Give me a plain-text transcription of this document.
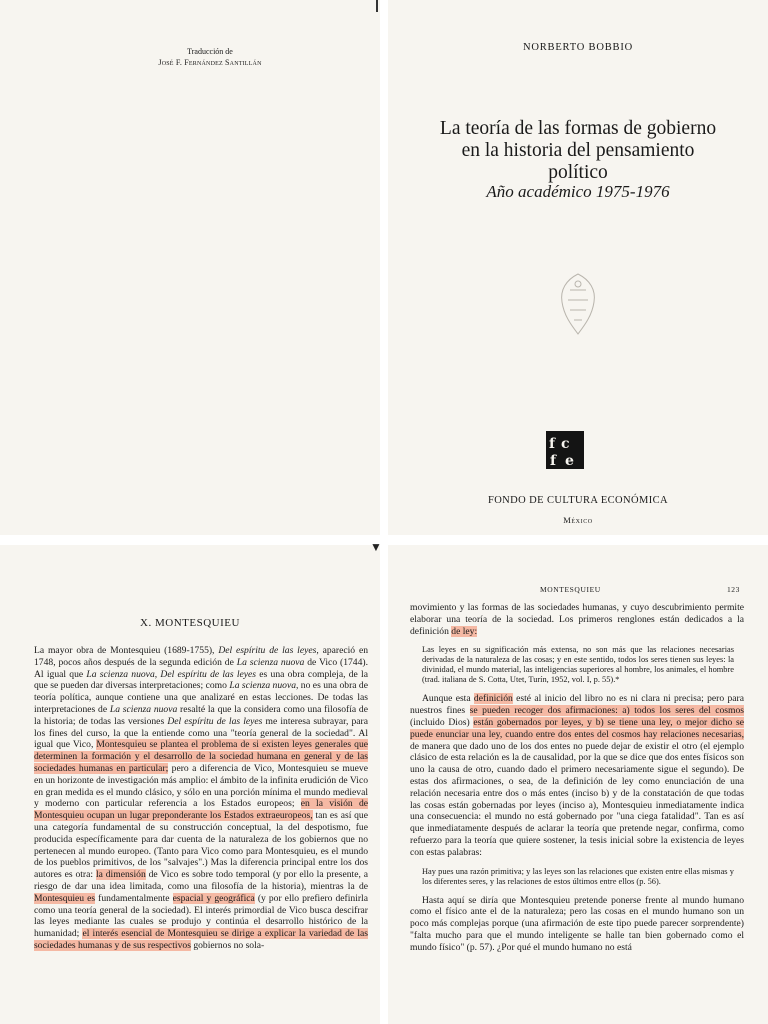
▼
Traducción de
José F. Fernández Santillán
NORBERTO BOBBIO
La teoría de las formas de gobierno
en la historia del pensamiento
político
Año académico 1975-1976
f c
e
f
FONDO DE CULTURA ECONÓMICA
México
X. MONTESQUIEU

La mayor obra de Montesquieu (1689-1755), Del espíritu de las leyes, apareció en 1748, pocos años después de la segunda edición de La scienza nuova de Vico (1744). Al igual que La scienza nuova, Del espíritu de las leyes es una obra compleja, de la que se pueden dar diversas interpretaciones; como La scienza nuova, no es una obra de teoría política, aunque contiene una que analizaré en estas lecciones. De todas las interpretaciones de La scienza nuova resalté la que la considera como una filosofía de la historia; de todas las versiones Del espíritu de las leyes me interesa subrayar, para los fines del curso, la que la entiende como una "teoría general de la sociedad". Al igual que Vico, Montesquieu se plantea el problema de si existen leyes generales que determinen la formación y el desarrollo de la sociedad humana en general y de las sociedades humanas en particular; pero a diferencia de Vico, Montesquieu se mueve en un horizonte de investigación más amplio: el ámbito de la infinita erudición de Vico en gran medida es el mundo clásico, y sólo en una porción mínima el mundo medieval y moderno con particular referencia a los Estados europeos; en la visión de Montesquieu ocupan un lugar preponderante los Estados extraeuropeos, tan es así que una categoría fundamental de su construcción conceptual, la del despotismo, fue producida específicamente para dar cuenta de la naturaleza de los gobiernos que no pertenecen al mundo europeo. (Tanto para Vico como para Montesquieu, es el mundo de los pueblos primitivos, de los "salvajes".) Mas la diferencia principal entre los dos autores es otra: la dimensión de Vico es sobre todo temporal (y por ello la presente, a riesgo de dar una idea limitada, como una filosofía de la historia), mientras la de Montesquieu es fundamentalmente espacial y geográfica (y por ello prefiero definirla como una teoría general de la sociedad). El interés primordial de Vico busca descifrar las leyes mediante las cuales se produjo y continúa el desarrollo histórico de la humanidad; el interés esencial de Montesquieu se dirige a explicar la variedad de las sociedades humanas y de sus respectivos gobiernos no sola-

MONTESQUIEU	123

movimiento y las formas de las sociedades humanas, y cuyo descubrimiento permite elaborar una teoría de la sociedad. Los primeros renglones están dedicados a la definición de ley:

Las leyes en su significación más extensa, no son más que las relaciones necesarias derivadas de la naturaleza de las cosas; y en este sentido, todos los seres tienen sus leyes: la divinidad, el mundo material, las inteligencias superiores al hombre, los animales, el hombre (trad. italiana de S. Cotta, Utet, Turín, 1952, vol. I, p. 55).*

Aunque esta definición esté al inicio del libro no es ni clara ni precisa; pero para nuestros fines se pueden recoger dos afirmaciones: a) todos los seres del cosmos (incluido Dios) están gobernados por leyes, y b) se tiene una ley, o mejor dicho se puede enunciar una ley, cuando entre dos entes del cosmos hay relaciones necesarias, de manera que dado uno de los dos entes no puede dejar de existir el otro (el ejemplo clásico de esta relación es la de causalidad, por la que se dice que dos entes físicos son uno la causa de otro, cuando dado el primero necesariamente sigue el segundo). De estas dos afirmaciones, o sea, de la definición de ley como enunciación de una relación necesaria entre dos o más entes (inciso b) y de la constatación de que todas las cosas están gobernadas por leyes (inciso a), Montesquieu inmediatamente indica una consecuencia: el mundo no está gobernado por "una ciega fatalidad". Tan es así que inmediatamente después de aclarar la teoría que pretende negar, confirma, como refuerzo para la teoría que quiere sostener, la tesis inicial sobre la existencia de leyes con estas palabras:

Hay pues una razón primitiva; y las leyes son las relaciones que existen entre ellas mismas y los diferentes seres, y las relaciones de estos últimos entre ellos (p. 56).

Hasta aquí se diría que Montesquieu pretende ponerse frente al mundo humano como el físico ante el de la naturaleza; pero las cosas en el mundo humano son un poco más complejas porque (una afirmación de este tipo puede parecer sorprendente) "falta mucho para que el mundo inteligente se halle tan bien gobernado como el mundo físico" (p. 57). ¿Por qué el mundo humano no está
